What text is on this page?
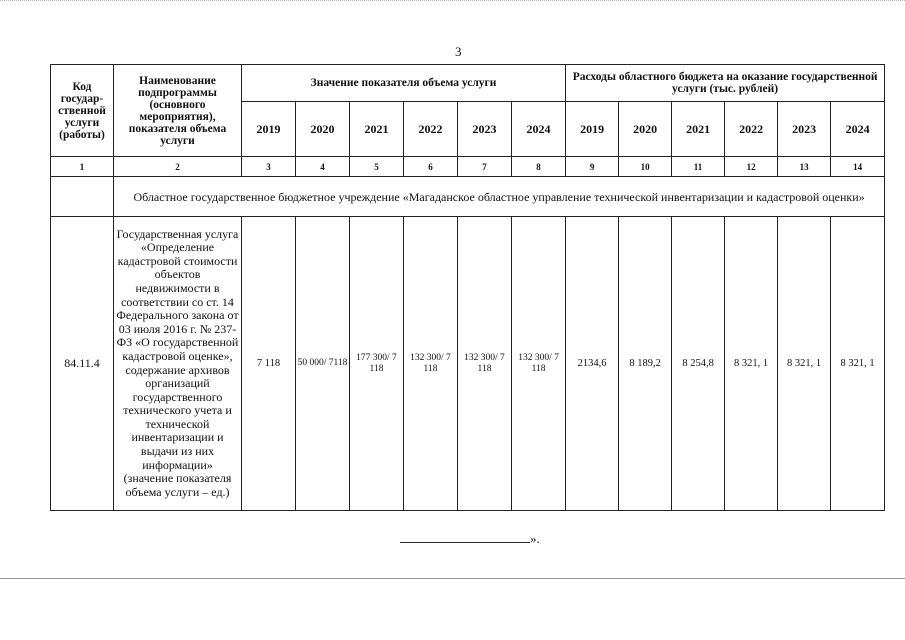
3
Код государ-ственной услуги (работы)	Наименование подпрограммы (основного мероприятия), показателя объема услуги	Значение показателя объема услуги						Расходы областного бюджета на оказание государственной услуги (тыс. рублей)					
		2019	2020	2021	2022	2023	2024	2019	2020	2021	2022	2023	2024
1	2	3	4	5	6	7	8	9	10	11	12	13	14
	Областное государственное бюджетное учреждение «Магаданское областное управление технической инвентаризации и кадастровой оценки»												
84.11.4	Государственная услуга «Определение кадастровой стоимости объектов недвижимости в соответствии со ст. 14 Федерального закона от 03 июля 2016 г. № 237-ФЗ «О государственной кадастровой оценке», содержание архивов организаций государственного технического учета и технической инвентаризации и выдачи из них информации» (значение показателя объема услуги – ед.)	7 118	50 000/ 7118	177 300/ 7 118	132 300/ 7 118	132 300/ 7 118	132 300/ 7 118	2134,6	8 189,2	8 254,8	8 321, 1	8 321, 1	8 321, 1
».
